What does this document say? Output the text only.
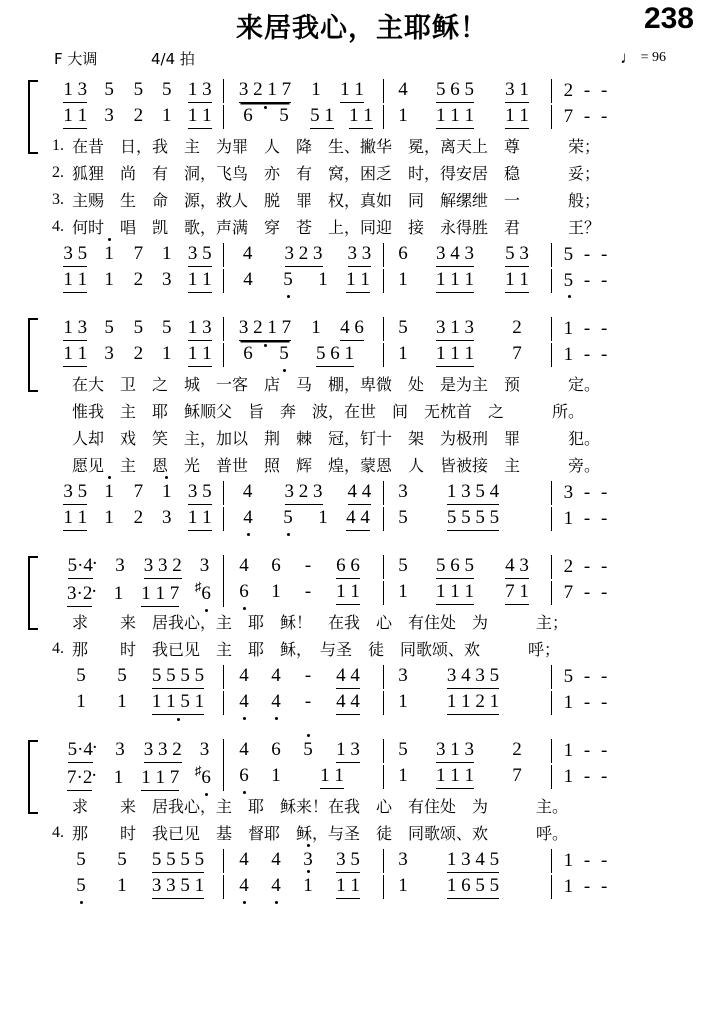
来居我心，主耶稣！	238
F 大调	4/4 拍	♩ = 96
1 3 5	5 5 1 3	3 2 1 7	1	1 1	4	5 6 5	3 1	2 - -
1 1 3	2 1 1 1	6	5	5 1 1 1	1	1 1 1	1 1	7 - -
1. 在昔　日，我　主　为罪　人　降　生、撇华　冕，离天上　尊　　　荣；
2. 狐狸　尚　有　洞，飞鸟　亦　有　窝，困乏　时，得安居　稳　　　妥；
3. 主赐　生　命　源，救人　脱　罪　权，真如　同　解缧绁　一　　　般；
4. 何时　唱　凯　歌，声满　穿　苍　上，同迎　接　永得胜　君　　　王？
3 5 1	7 1 3 5	4	3 2 3	3 3	6	3 4 3	5 3	5 - -
1 1 1	2 3 1 1	4	5	1 1 1	1	1 1 1	1 1	5 - -
1 3 5	5 5 1 3	3 2 1 7	1	4 6	5	3 1 3	2	1 - -
1 1 3	2 1 1 1	6	5	5 6 1	1	1 1 1	7	1 - -
在大　卫　之　城　一客　店　马　棚，卑微　处　是为主　预　　　定。
惟我　主　耶　稣顺父　旨　奔　波，在世　间　无枕首　之　　　所。
人却　戏　笑　主，加以　荆　棘　冠，钉十　架　为极刑　罪　　　犯。
愿见　主　恩　光　普世　照　辉　煌，蒙恩　人　皆被接　主　　　旁。
3 5 1	7 1 3 5	4	3 2 3	4 4	3	1 3 5 4	3 - -
1 1 1	2 3 1 1	4	5	1 4 4	5	5 5 5 5	1 - -
5·4 ·	3 3 3 2 3	4	6	-	6 6	5	5 6 5	4 3	2 - -
3·2 ·	1 1 1 7	♯6	6	1	-	1 1	1	1 1 1	7 1	7 - -
求　　来　居我心，主　耶　稣！　在我　心　有住处　为　　　主；
4. 那　　时　我已见　主　耶　稣，　与圣　徒　同歌颂、欢　　　呼；
5	5	5 5 5 5	4	4	-	4 4	3	3 4 3 5	5 - -
1	1	1 1 5 1	4	4	-	4 4	1	1 1 2 1	1 - -
5·4 ·	3 3 3 2 3	4	6	5	1 3	5	3 1 3	2	1 - -
7·2 ·	1 1 1 7	♯6	6	1	1 1	1	1 1 1	7	1 - -
求　　来　居我心，主　耶　稣来！在我　心　有住处　为　　　主。
4. 那　　时　我已见　基　督耶　稣，与圣　徒　同歌颂、欢　　　呼。
5	5	5 5 5 5	4	4	3	3 5	3	1 3 4 5	1 - -
5	1	3 3 5 1	4	4	1	1 1	1	1 6 5 5	1 - -
